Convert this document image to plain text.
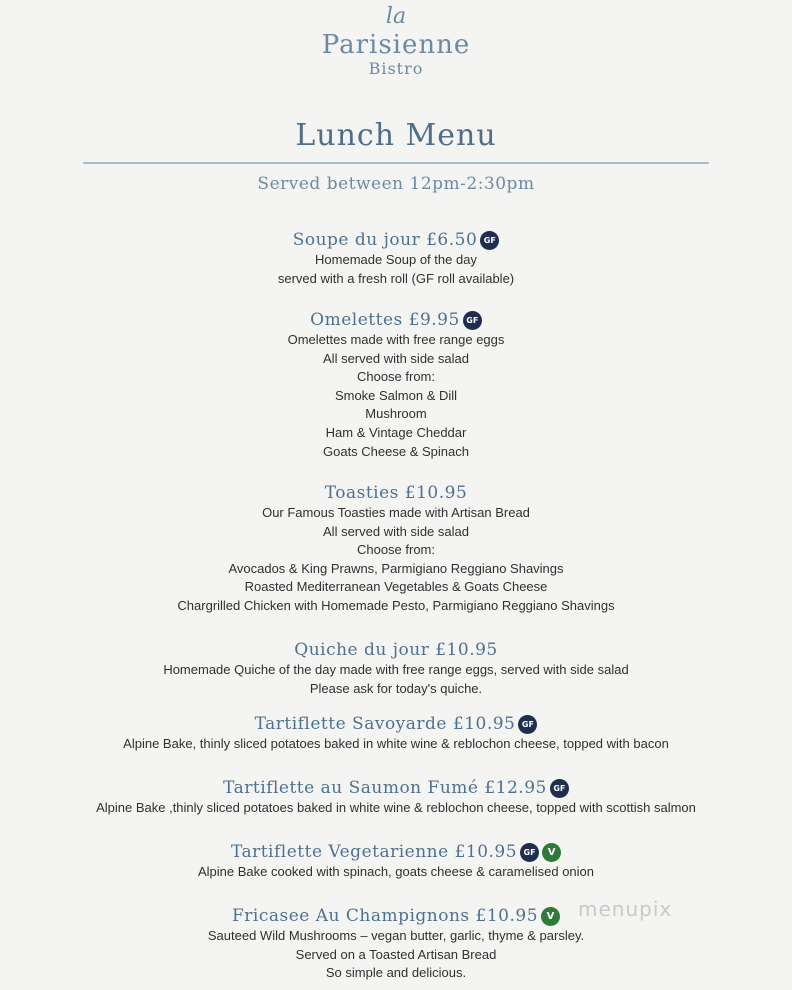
la
Parisienne
Bistro
Lunch Menu
Served between 12pm-2:30pm
Soupe du jour £6.50 GF
Homemade Soup of the day
served with a fresh roll (GF roll available)
Omelettes £9.95 GF
Omelettes made with free range eggs
All served with side salad
Choose from:
Smoke Salmon & Dill
Mushroom
Ham & Vintage Cheddar
Goats Cheese & Spinach
Toasties £10.95
Our Famous Toasties made with Artisan Bread
All served with side salad
Choose from:
Avocados & King Prawns, Parmigiano Reggiano Shavings
Roasted Mediterranean Vegetables & Goats Cheese
Chargrilled Chicken with Homemade Pesto, Parmigiano Reggiano Shavings
Quiche du jour £10.95
Homemade Quiche of the day made with free range eggs, served with side salad
Please ask for today's quiche.
Tartiflette Savoyarde £10.95 GF
Alpine Bake, thinly sliced potatoes baked in white wine & reblochon cheese, topped with bacon
Tartiflette au Saumon Fumé £12.95 GF
Alpine Bake ,thinly sliced potatoes baked in white wine & reblochon cheese, topped with scottish salmon
Tartiflette Vegetarienne £10.95 GF V
Alpine Bake cooked with spinach, goats cheese & caramelised onion
Fricasee Au Champignons £10.95 V
Sauteed Wild Mushrooms – vegan butter, garlic, thyme & parsley.
Served on a Toasted Artisan Bread
So simple and delicious.
menupix
